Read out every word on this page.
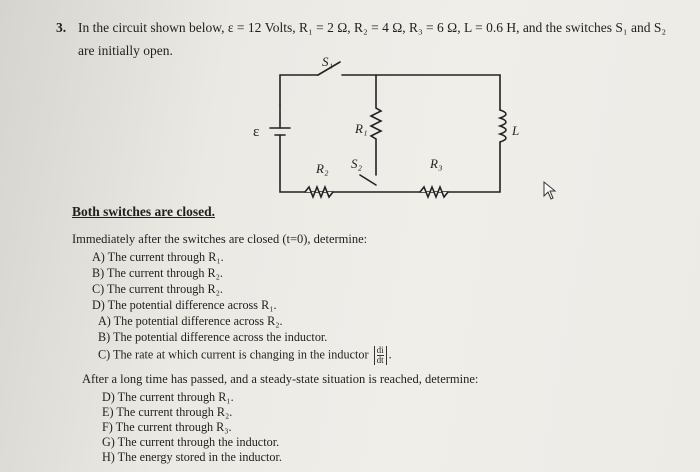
3. In the circuit shown below, ε = 12 Volts, R₁ = 2 Ω, R₂ = 4 Ω, R₃ = 6 Ω, L = 0.6 H, and the switches S₁ and S₂
are initially open.
S₁
S₂
ε	R₁
R₂	R₃
L
Both switches are closed.
Immediately after the switches are closed (t=0), determine:
A) The current through R₁.
B) The current through R₂.
C) The current through R₂.
D) The potential difference across R₁.
A) The potential difference across R₂.
B) The potential difference across the inductor.
C) The rate at which current is changing in the inductor $\frac{di}{dt}$ .
After a long time has passed, and a steady-state situation is reached, determine:
D) The current through R₁.
E) The current through R₂.
F) The current through R₃.
G) The current through the inductor.
H) The energy stored in the inductor.
